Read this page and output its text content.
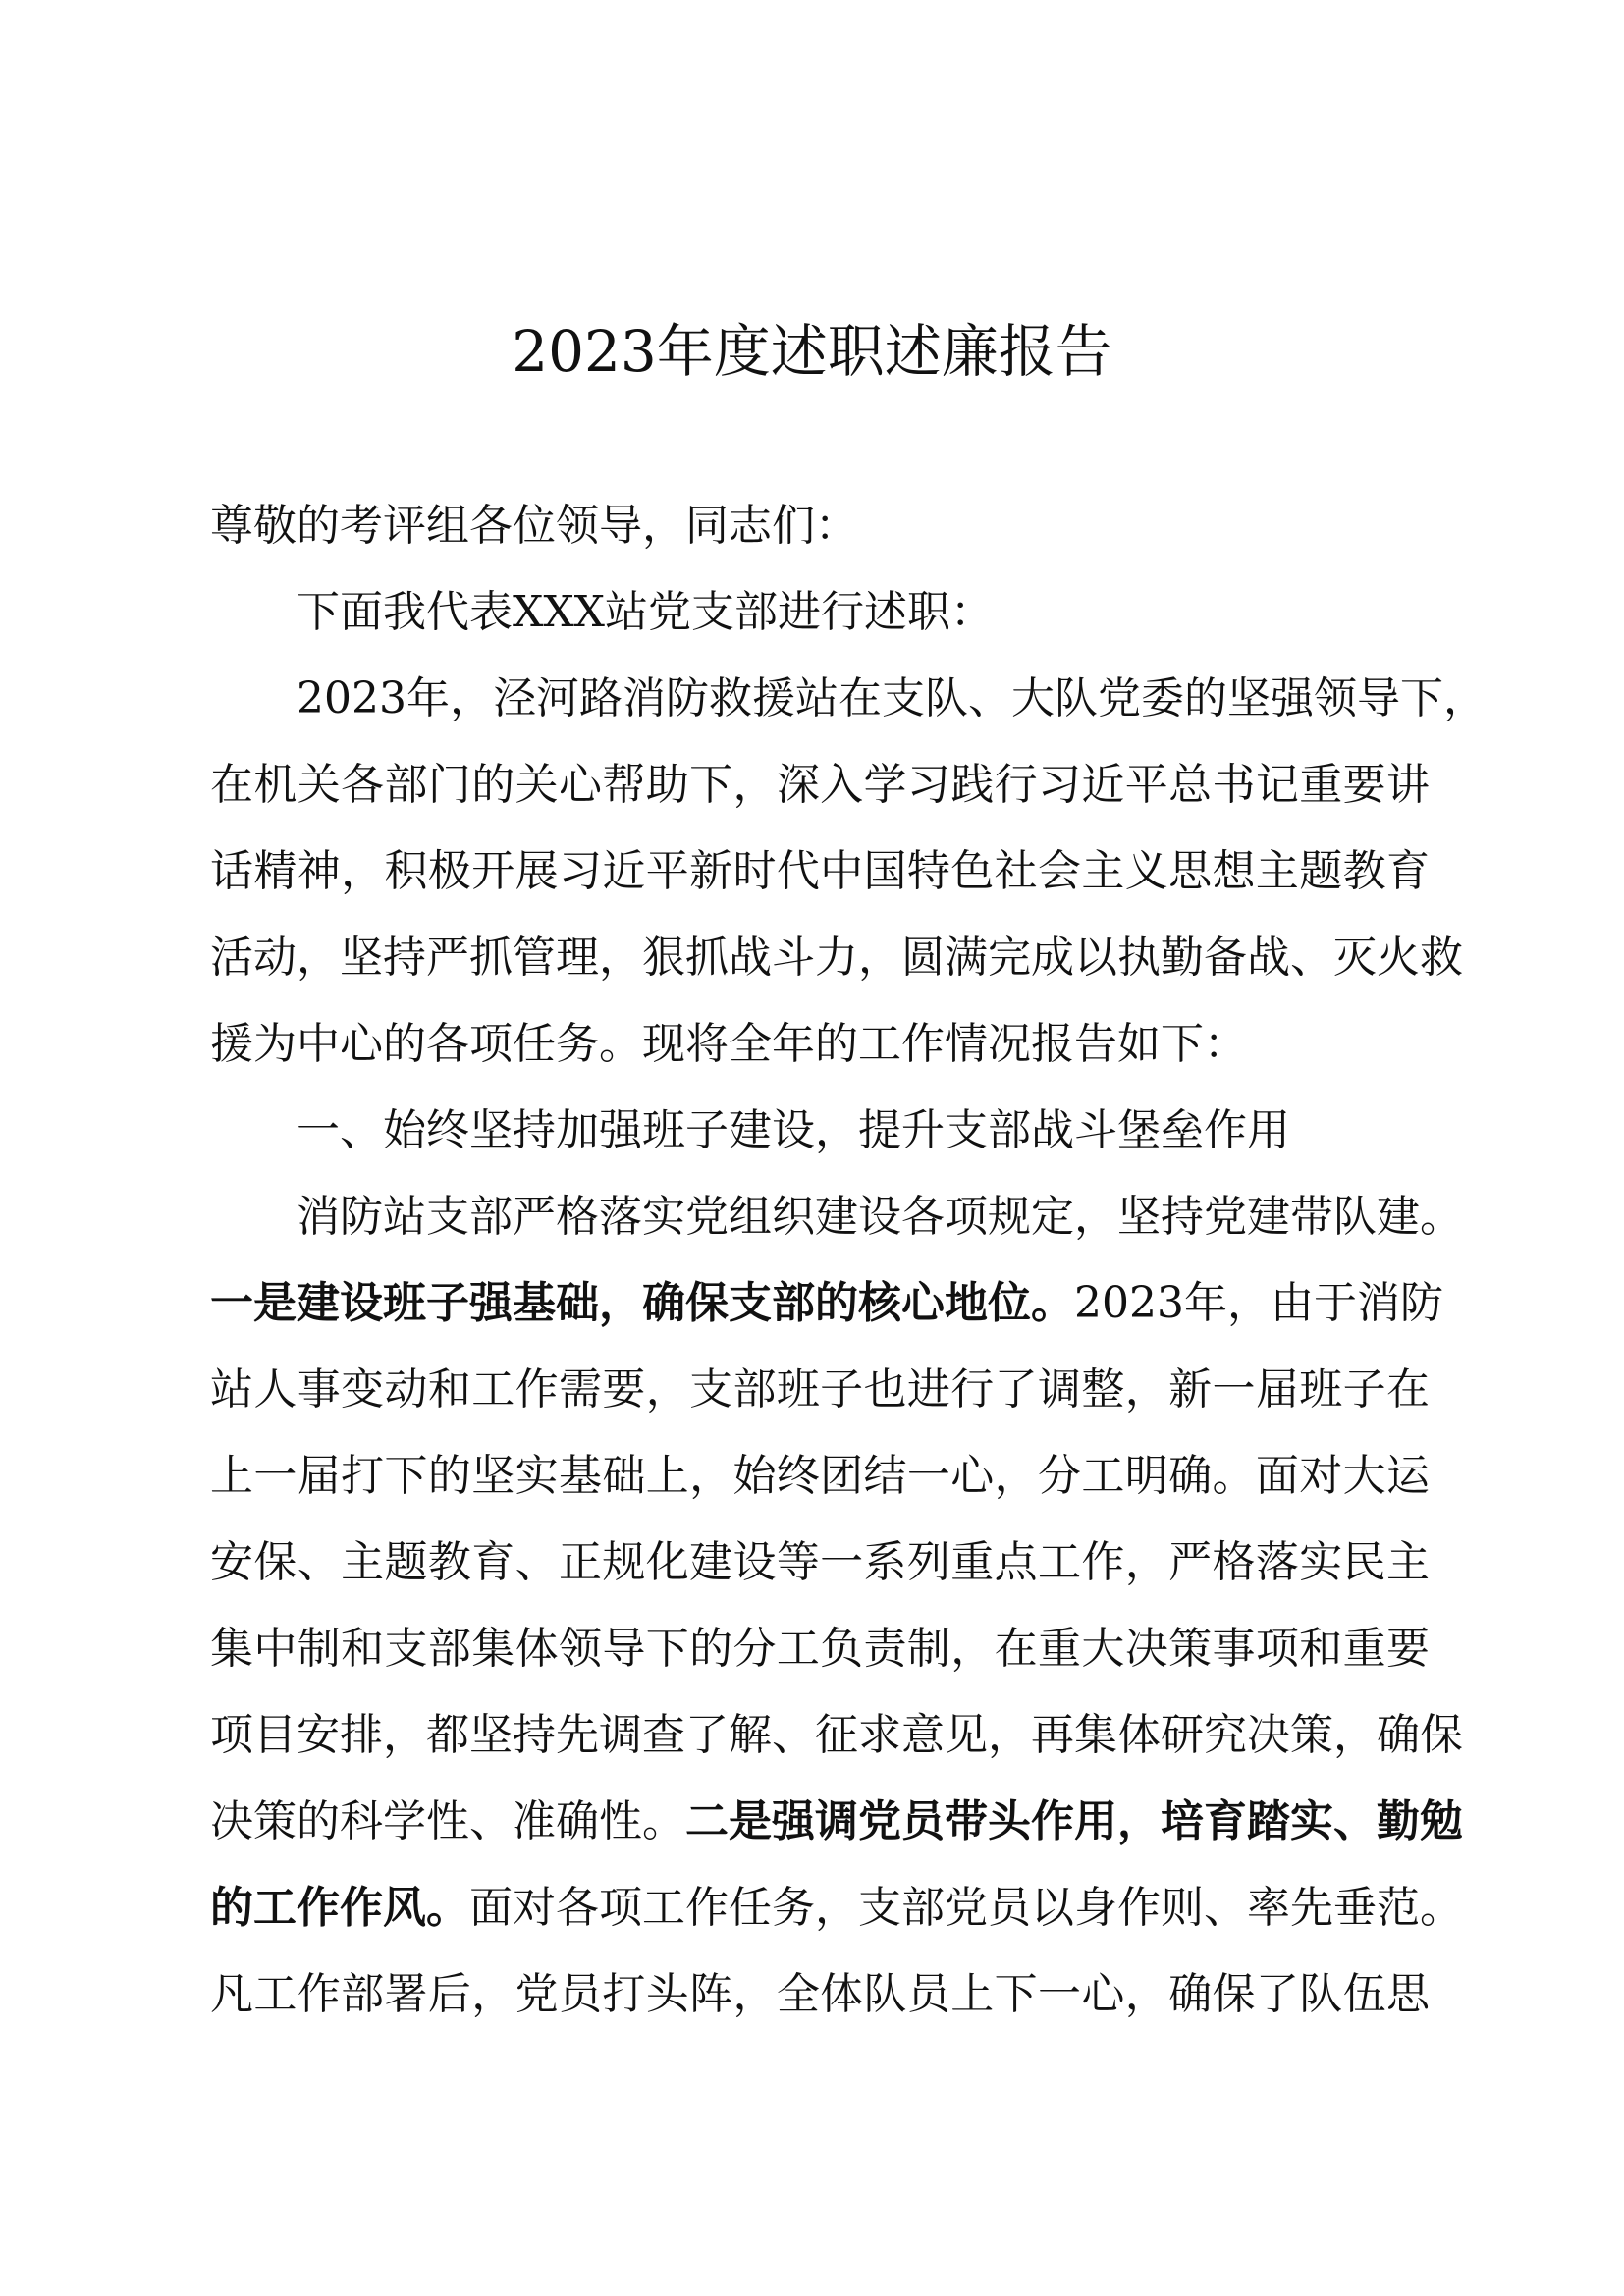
2023年度述职述廉报告
尊敬的考评组各位领导，同志们：
下面我代表XXX站党支部进行述职：
2023年，泾河路消防救援站在支队、大队党委的坚强领导下，
在机关各部门的关心帮助下，深入学习践行习近平总书记重要讲
话精神，积极开展习近平新时代中国特色社会主义思想主题教育
活动，坚持严抓管理，狠抓战斗力，圆满完成以执勤备战、灭火救
援为中心的各项任务。现将全年的工作情况报告如下：
一、始终坚持加强班子建设，提升支部战斗堡垒作用
消防站支部严格落实党组织建设各项规定，坚持党建带队建。
一是建设班子强基础，确保支部的核心地位。2023年，由于消防
站人事变动和工作需要，支部班子也进行了调整，新一届班子在
上一届打下的坚实基础上，始终团结一心，分工明确。面对大运
安保、主题教育、正规化建设等一系列重点工作，严格落实民主
集中制和支部集体领导下的分工负责制，在重大决策事项和重要
项目安排，都坚持先调查了解、征求意见，再集体研究决策，确保
决策的科学性、准确性。二是强调党员带头作用，培育踏实、勤勉
的工作作风。面对各项工作任务，支部党员以身作则、率先垂范。
凡工作部署后，党员打头阵，全体队员上下一心，确保了队伍思
